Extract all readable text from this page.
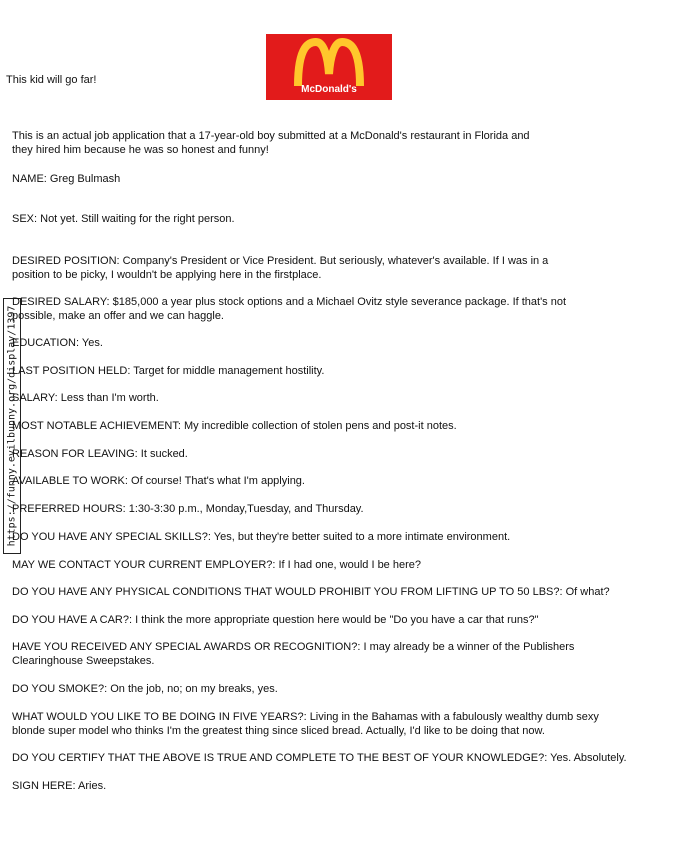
This kid will go far!
McDonald's
https://funny.evilbunny.org/display/1397
This is an actual job application that a 17-year-old boy submitted at a McDonald's restaurant in Florida and they hired him because he was so honest and funny!
NAME: Greg Bulmash
SEX: Not yet. Still waiting for the right person.
DESIRED POSITION: Company's President or Vice President. But seriously, whatever's available. If I was in a position to be picky, I wouldn't be applying here in the firstplace.
DESIRED SALARY: $185,000 a year plus stock options and a Michael Ovitz style severance package. If that's not possible, make an offer and we can haggle.
EDUCATION: Yes.
LAST POSITION HELD: Target for middle management hostility.
SALARY: Less than I'm worth.
MOST NOTABLE ACHIEVEMENT: My incredible collection of stolen pens and post-it notes.
REASON FOR LEAVING: It sucked.
AVAILABLE TO WORK: Of course! That's what I'm applying.
PREFERRED HOURS: 1:30-3:30 p.m., Monday,Tuesday, and Thursday.
DO YOU HAVE ANY SPECIAL SKILLS?: Yes, but they're better suited to a more intimate environment.
MAY WE CONTACT YOUR CURRENT EMPLOYER?: If I had one, would I be here?
DO YOU HAVE ANY PHYSICAL CONDITIONS THAT WOULD PROHIBIT YOU FROM LIFTING UP TO 50 LBS?: Of what?
DO YOU HAVE A CAR?: I think the more appropriate question here would be "Do you have a car that runs?"
HAVE YOU RECEIVED ANY SPECIAL AWARDS OR RECOGNITION?: I may already be a winner of the Publishers Clearinghouse Sweepstakes.
DO YOU SMOKE?: On the job, no; on my breaks, yes.
WHAT WOULD YOU LIKE TO BE DOING IN FIVE YEARS?: Living in the Bahamas with a fabulously wealthy dumb sexy blonde super model who thinks I'm the greatest thing since sliced bread. Actually, I'd like to be doing that now.
DO YOU CERTIFY THAT THE ABOVE IS TRUE AND COMPLETE TO THE BEST OF YOUR KNOWLEDGE?: Yes. Absolutely.
SIGN HERE: Aries.
